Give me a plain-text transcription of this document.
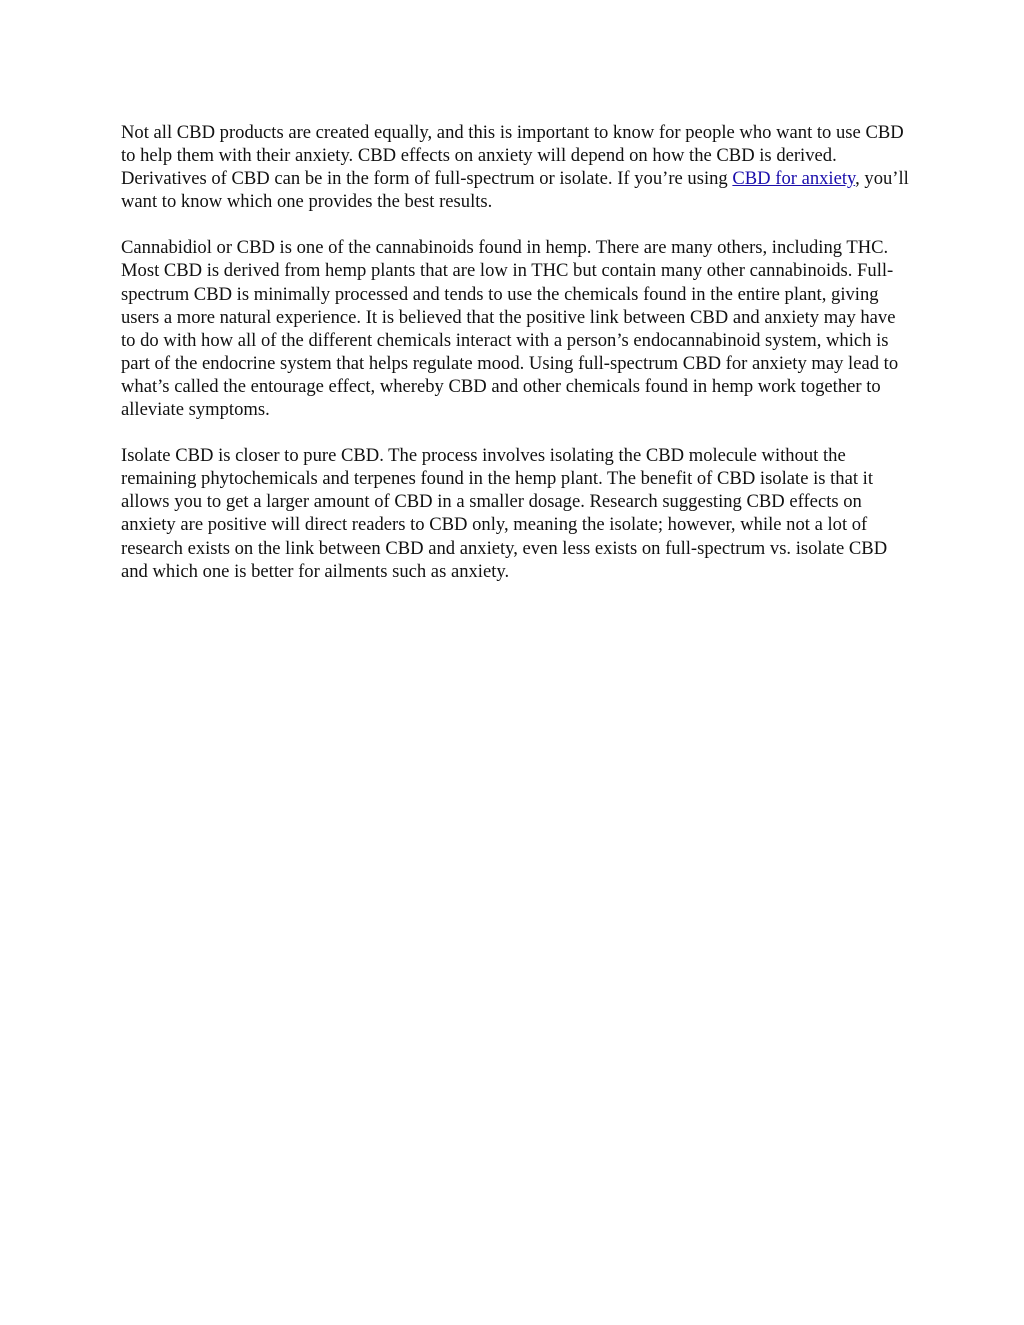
Not all CBD products are created equally, and this is important to know for people who want to use CBD to help them with their anxiety. CBD effects on anxiety will depend on how the CBD is derived. Derivatives of CBD can be in the form of full-spectrum or isolate. If you’re using CBD for anxiety, you’ll want to know which one provides the best results.

Cannabidiol or CBD is one of the cannabinoids found in hemp. There are many others, including THC. Most CBD is derived from hemp plants that are low in THC but contain many other cannabinoids. Full-spectrum CBD is minimally processed and tends to use the chemicals found in the entire plant, giving users a more natural experience. It is believed that the positive link between CBD and anxiety may have to do with how all of the different chemicals interact with a person’s endocannabinoid system, which is part of the endocrine system that helps regulate mood. Using full-spectrum CBD for anxiety may lead to what’s called the entourage effect, whereby CBD and other chemicals found in hemp work together to alleviate symptoms.

Isolate CBD is closer to pure CBD. The process involves isolating the CBD molecule without the remaining phytochemicals and terpenes found in the hemp plant. The benefit of CBD isolate is that it allows you to get a larger amount of CBD in a smaller dosage. Research suggesting CBD effects on anxiety are positive will direct readers to CBD only, meaning the isolate; however, while not a lot of research exists on the link between CBD and anxiety, even less exists on full-spectrum vs. isolate CBD and which one is better for ailments such as anxiety.
